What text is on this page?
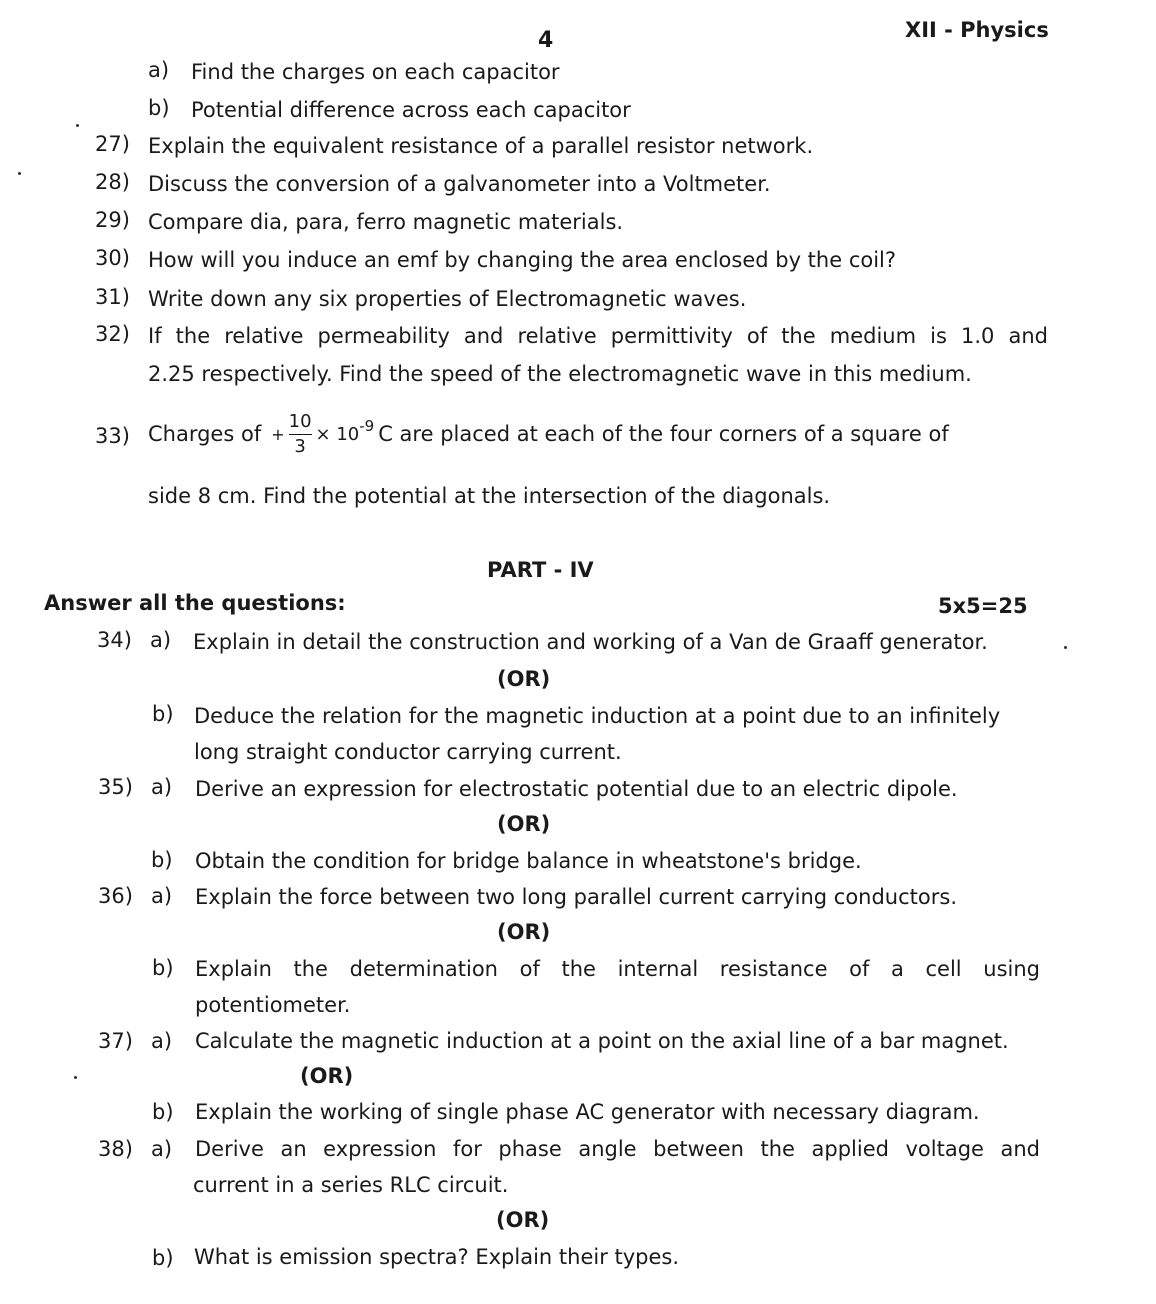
4	XII - Physics
a) Find the charges on each capacitor
b) Potential difference across each capacitor
27) Explain the equivalent resistance of a parallel resistor network.
28) Discuss the conversion of a galvanometer into a Voltmeter.
29) Compare dia, para, ferro magnetic materials.
30) How will you induce an emf by changing the area enclosed by the coil?
31) Write down any six properties of Electromagnetic waves.
32) If the relative permeability and relative permittivity of the medium is 1.0 and
2.25 respectively. Find the speed of the electromagnetic wave in this medium.
33) Charges of + $\frac{10}{3} \times 10^{-9}$ C are placed at each of the four corners of a square of
side 8 cm. Find the potential at the intersection of the diagonals.
PART - IV
Answer all the questions:	5x5=25
34) a) Explain in detail the construction and working of a Van de Graaff generator.
(OR)
b) Deduce the relation for the magnetic induction at a point due to an infinitely
long straight conductor carrying current.
35) a) Derive an expression for electrostatic potential due to an electric dipole.
(OR)
b) Obtain the condition for bridge balance in wheatstone's bridge.
36) a) Explain the force between two long parallel current carrying conductors.
(OR)
b) Explain the determination of the internal resistance of a cell using
potentiometer.
37) a) Calculate the magnetic induction at a point on the axial line of a bar magnet.
(OR)
b) Explain the working of single phase AC generator with necessary diagram.
38) a) Derive an expression for phase angle between the applied voltage and
current in a series RLC circuit.
(OR)
b) What is emission spectra? Explain their types.
